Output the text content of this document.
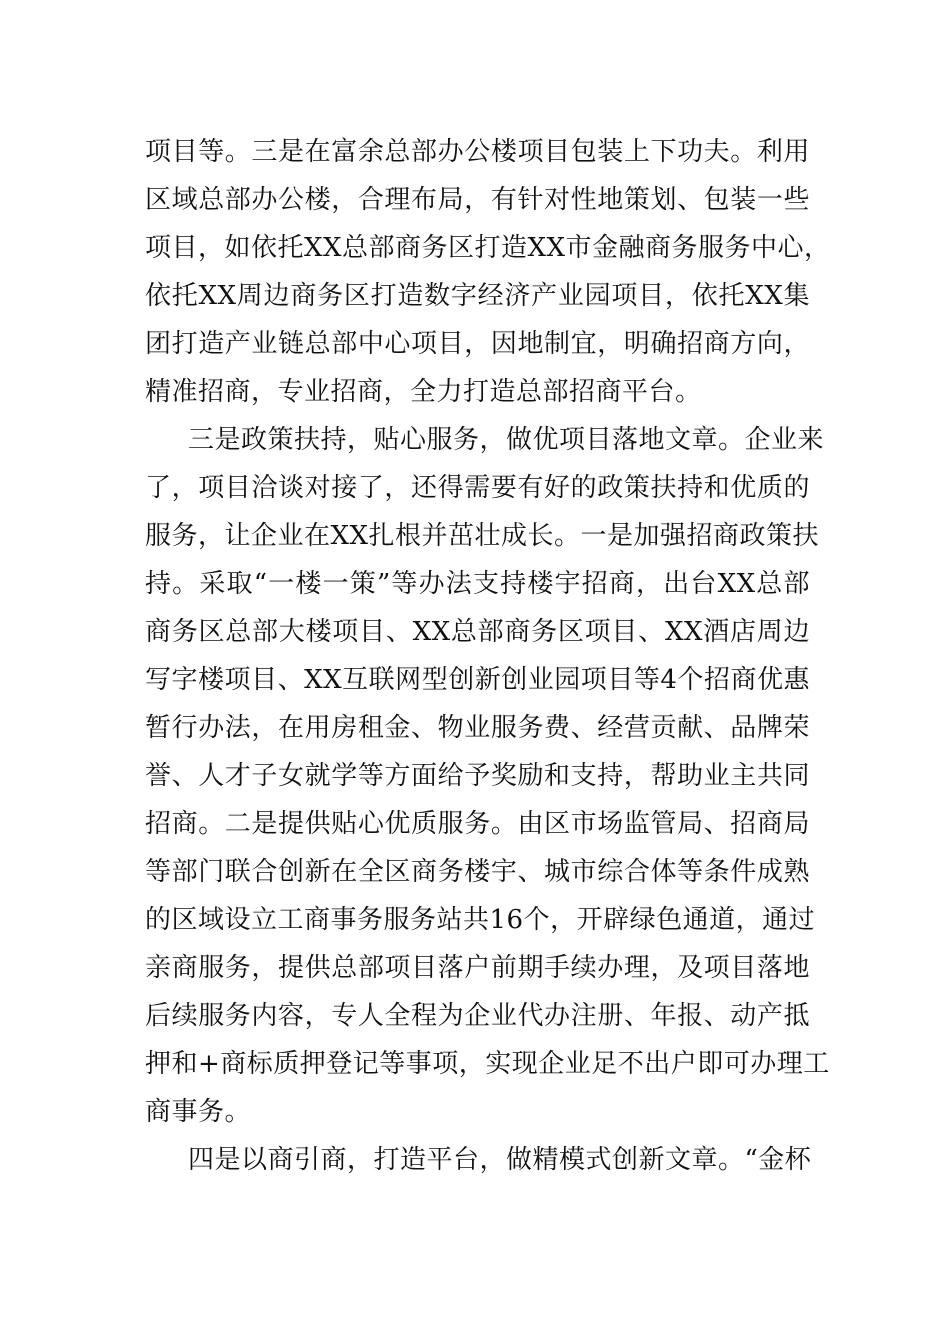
项目等。三是在富余总部办公楼项目包装上下功夫。利用
区域总部办公楼，合理布局，有针对性地策划、包装一些
项目，如依托XX总部商务区打造XX市金融商务服务中心，
依托XX周边商务区打造数字经济产业园项目，依托XX集
团打造产业链总部中心项目，因地制宜，明确招商方向，
精准招商，专业招商，全力打造总部招商平台。
三是政策扶持，贴心服务，做优项目落地文章。企业来
了，项目洽谈对接了，还得需要有好的政策扶持和优质的
服务，让企业在XX扎根并茁壮成长。一是加强招商政策扶
持。采取“一楼一策”等办法支持楼宇招商，出台XX总部
商务区总部大楼项目、XX总部商务区项目、XX酒店周边
写字楼项目、XX互联网型创新创业园项目等4个招商优惠
暂行办法，在用房租金、物业服务费、经营贡献、品牌荣
誉、人才子女就学等方面给予奖励和支持，帮助业主共同
招商。二是提供贴心优质服务。由区市场监管局、招商局
等部门联合创新在全区商务楼宇、城市综合体等条件成熟
的区域设立工商事务服务站共16个，开辟绿色通道，通过
亲商服务，提供总部项目落户前期手续办理，及项目落地
后续服务内容，专人全程为企业代办注册、年报、动产抵
押和+商标质押登记等事项，实现企业足不出户即可办理工
商事务。
四是以商引商，打造平台，做精模式创新文章。“金杯
